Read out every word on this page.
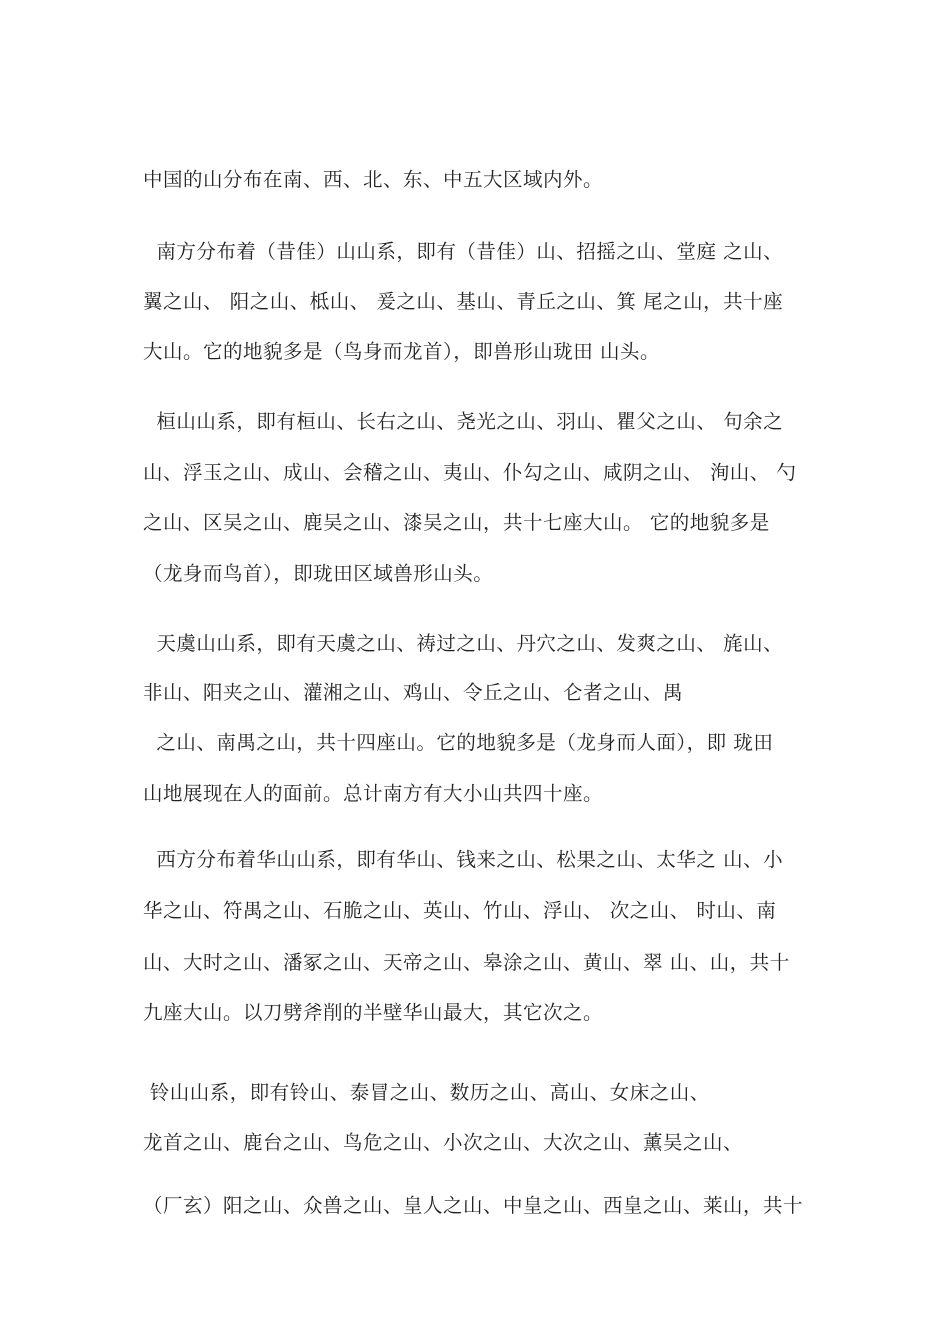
中国的山分布在南、西、北、东、中五大区域内外。
南方分布着（昔佳）山山系，即有（昔佳）山、招摇之山、堂庭 之山、
翼之山、 阳之山、柢山、 爰之山、基山、青丘之山、箕 尾之山，共十座
大山。它的地貌多是（鸟身而龙首），即兽形山珑田 山头。
桓山山系，即有桓山、长右之山、尧光之山、羽山、瞿父之山、 句余之
山、浮玉之山、成山、会稽之山、夷山、仆勾之山、咸阴之山、 洵山、 勺
之山、区吴之山、鹿吴之山、漆吴之山，共十七座大山。 它的地貌多是
（龙身而鸟首），即珑田区域兽形山头。
天虞山山系，即有天虞之山、祷过之山、丹穴之山、发爽之山、 旄山、
非山、阳夹之山、灌湘之山、鸡山、令丘之山、仑者之山、禺
之山、南禺之山，共十四座山。它的地貌多是（龙身而人面），即 珑田
山地展现在人的面前。总计南方有大小山共四十座。
西方分布着华山山系，即有华山、钱来之山、松果之山、太华之 山、小
华之山、符禺之山、石脆之山、英山、竹山、浮山、 次之山、 时山、南
山、大时之山、潘冢之山、天帝之山、皋涂之山、黄山、翠 山、山，共十
九座大山。以刀劈斧削的半壁华山最大，其它次之。
铃山山系，即有铃山、泰冒之山、数历之山、高山、女床之山、
龙首之山、鹿台之山、鸟危之山、小次之山、大次之山、薰吴之山、
（厂玄）阳之山、众兽之山、皇人之山、中皇之山、西皇之山、莱山，共十
